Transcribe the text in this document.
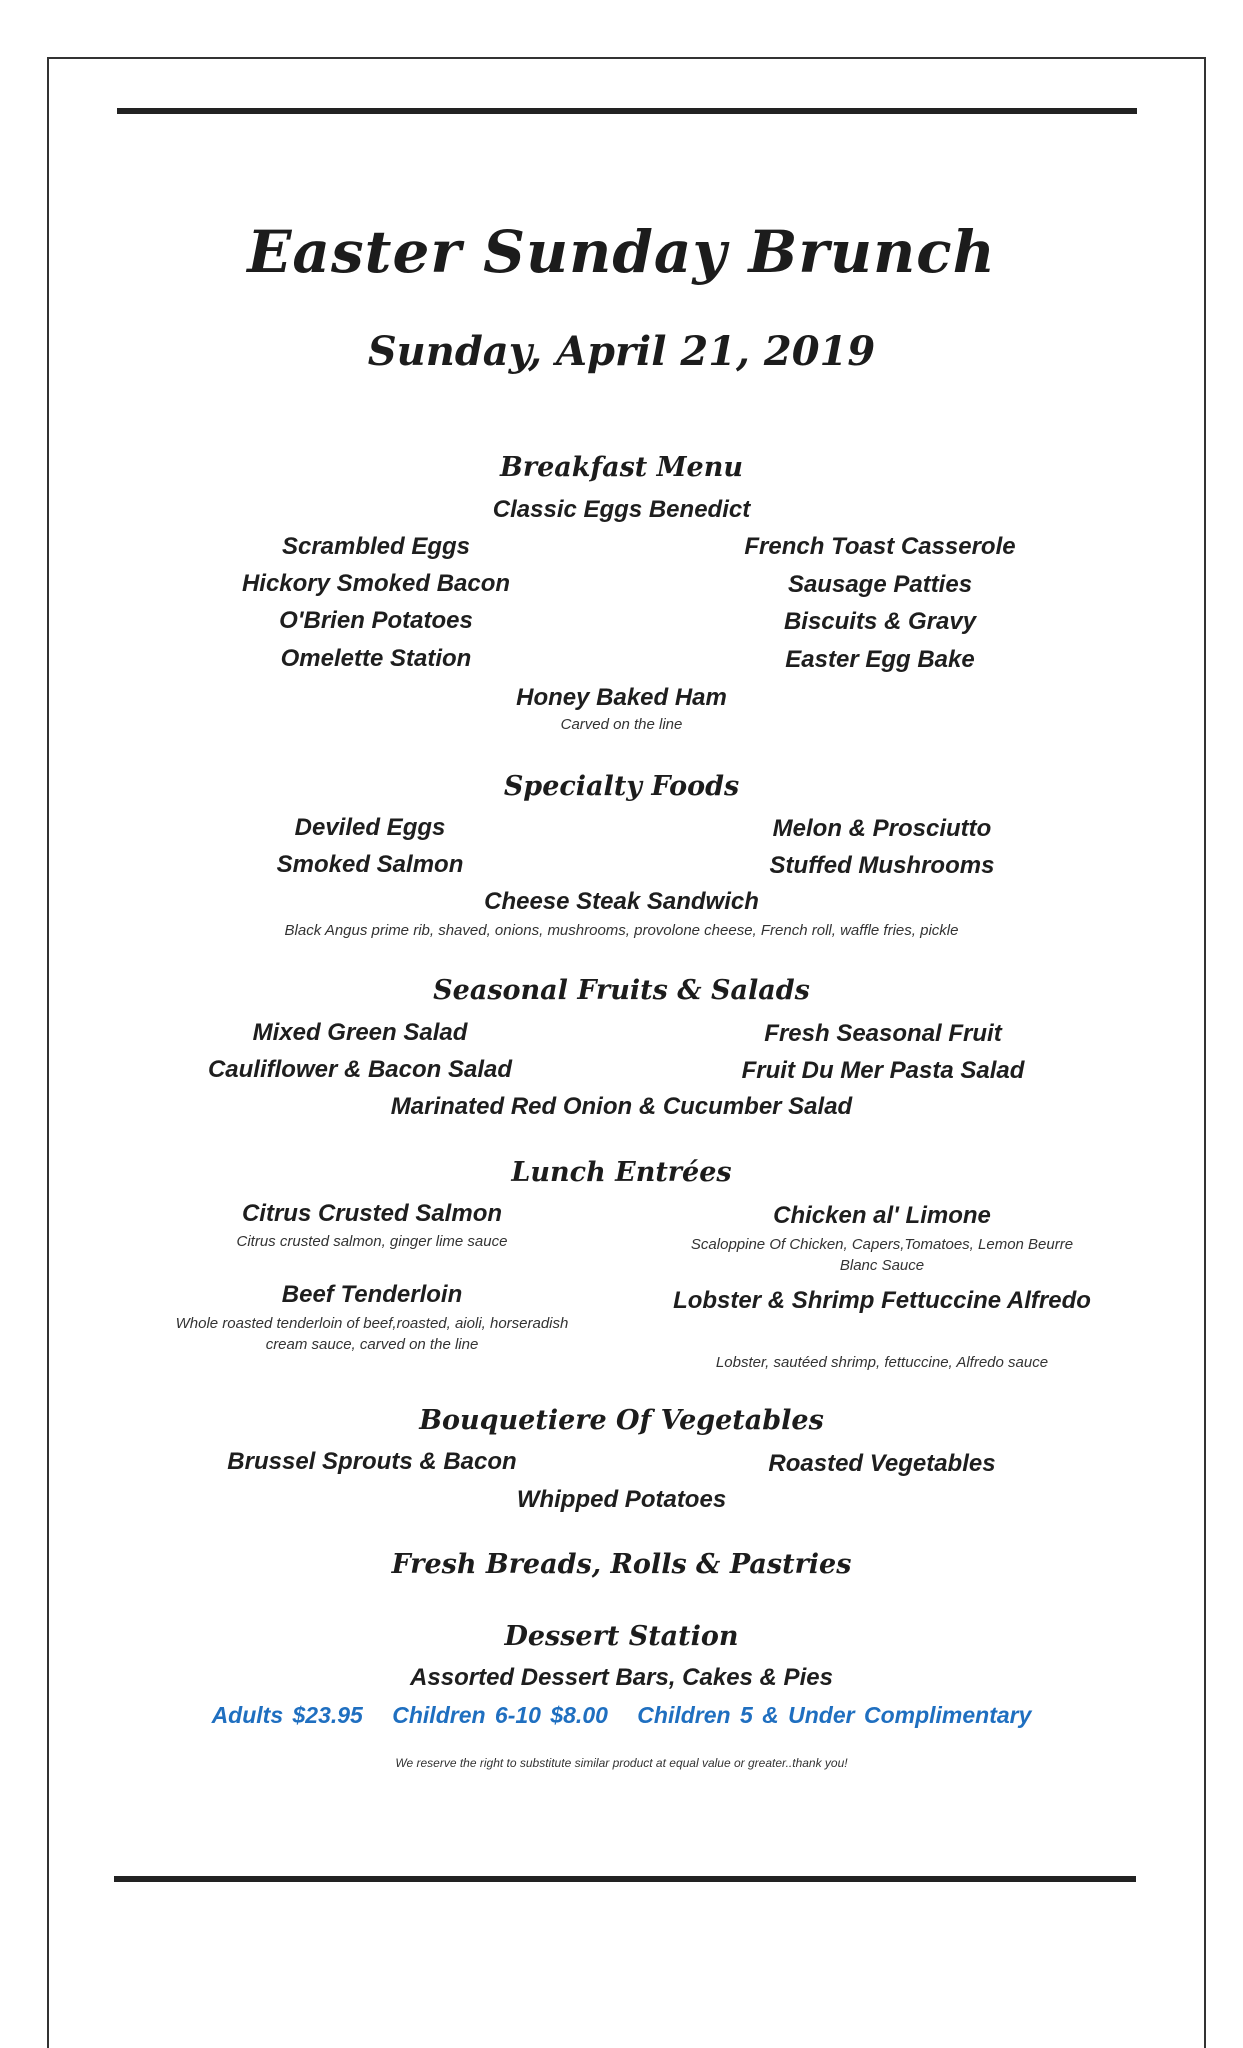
Easter Sunday Brunch
Sunday, April 21, 2019
Breakfast Menu
Classic Eggs Benedict
Scrambled Eggs	French Toast Casserole
Hickory Smoked Bacon	Sausage Patties
O'Brien Potatoes	Biscuits & Gravy
Omelette Station	Easter Egg Bake
Honey Baked Ham
Carved on the line
Specialty Foods
Deviled Eggs	Melon & Prosciutto
Smoked Salmon	Stuffed Mushrooms
Cheese Steak Sandwich
Black Angus prime rib, shaved, onions, mushrooms, provolone cheese, French roll, waffle fries, pickle
Seasonal Fruits & Salads
Mixed Green Salad	Fresh Seasonal Fruit
Cauliflower & Bacon Salad	Fruit Du Mer Pasta Salad
Marinated Red Onion & Cucumber Salad
Lunch Entrées
Citrus Crusted Salmon
Citrus crusted salmon, ginger lime sauce
Chicken al' Limone
Scaloppine Of Chicken, Capers,Tomatoes, Lemon Beurre Blanc Sauce
Beef Tenderloin
Whole roasted tenderloin of beef,roasted, aioli, horseradish cream sauce, carved on the line
Lobster & Shrimp Fettuccine Alfredo
Lobster, sautéed shrimp, fettuccine, Alfredo sauce
Bouquetiere Of Vegetables
Brussel Sprouts & Bacon	Roasted Vegetables
Whipped Potatoes
Fresh Breads, Rolls & Pastries
Dessert Station
Assorted Dessert Bars, Cakes & Pies
Adults $23.95 Children 6-10 $8.00 Children 5 & Under Complimentary
We reserve the right to substitute similar product at equal value or greater..thank you!
